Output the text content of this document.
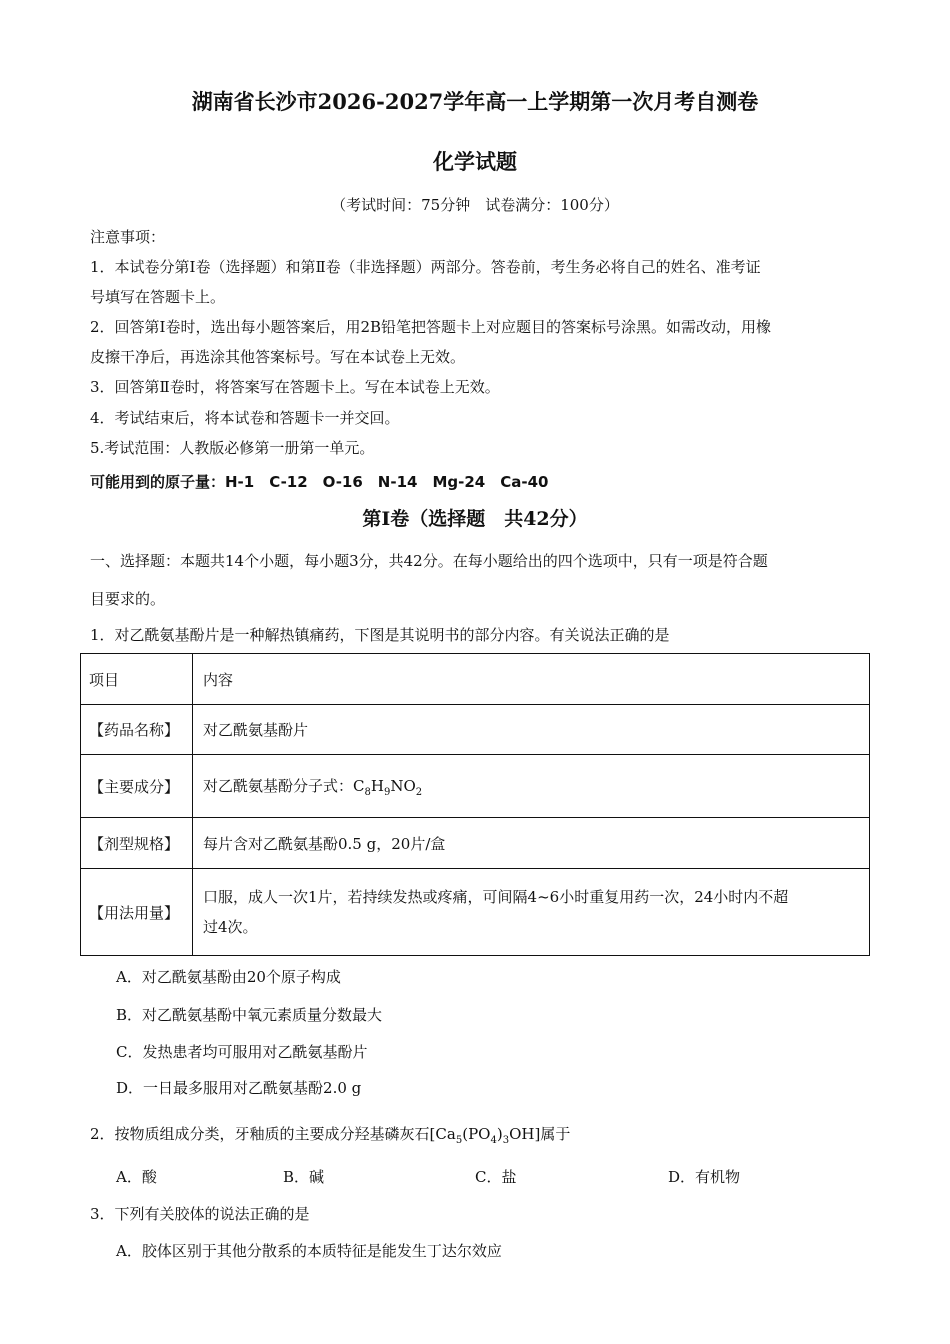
湖南省长沙市2026-2027学年高一上学期第一次月考自测卷
化学试题
（考试时间：75分钟　试卷满分：100分）
注意事项：
1．本试卷分第Ⅰ卷（选择题）和第Ⅱ卷（非选择题）两部分。答卷前，考生务必将自己的姓名、准考证
号填写在答题卡上。
2．回答第Ⅰ卷时，选出每小题答案后，用2B铅笔把答题卡上对应题目的答案标号涂黑。如需改动，用橡
皮擦干净后，再选涂其他答案标号。写在本试卷上无效。
3．回答第Ⅱ卷时，将答案写在答题卡上。写在本试卷上无效。
4．考试结束后，将本试卷和答题卡一并交回。
5.考试范围：人教版必修第一册第一单元。
可能用到的原子量：H-1　C-12　O-16　N-14　Mg-24　Ca-40
第Ⅰ卷（选择题　共42分）
一、选择题：本题共14个小题，每小题3分，共42分。在每小题给出的四个选项中，只有一项是符合题
目要求的。
1．对乙酰氨基酚片是一种解热镇痛药，下图是其说明书的部分内容。有关说法正确的是
项目	内容
【药品名称】	对乙酰氨基酚片
【主要成分】	对乙酰氨基酚分子式：$C_8H_9NO_2$
【剂型规格】	每片含对乙酰氨基酚0.5 g，20片/盒
【用法用量】	口服，成人一次1片，若持续发热或疼痛，可间隔4~6小时重复用药一次，24小时内不超
过4次。
A．对乙酰氨基酚由20个原子构成
B．对乙酰氨基酚中氧元素质量分数最大
C．发热患者均可服用对乙酰氨基酚片
D．一日最多服用对乙酰氨基酚2.0 g
2．按物质组成分类，牙釉质的主要成分羟基磷灰石$[Ca_5(PO_4)_3OH]$属于
A．酸	B．碱	C．盐	D．有机物
3．下列有关胶体的说法正确的是
A．胶体区别于其他分散系的本质特征是能发生丁达尔效应
